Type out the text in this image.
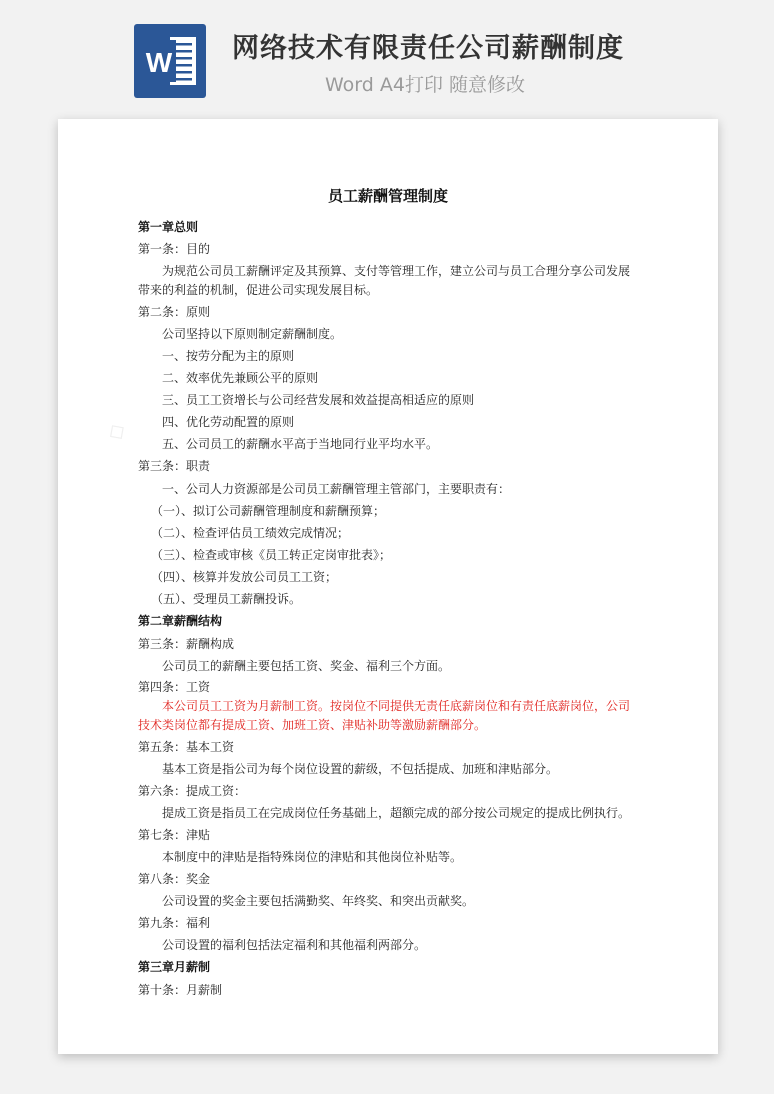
W 网络技术有限责任公司薪酬制度
Word A4打印 随意修改
◇
员工薪酬管理制度
第一章总则
第一条：目的
为规范公司员工薪酬评定及其预算、支付等管理工作，建立公司与员工合理分享公司发展
带来的利益的机制，促进公司实现发展目标。
第二条：原则
公司坚持以下原则制定薪酬制度。
一、按劳分配为主的原则
二、效率优先兼顾公平的原则
三、员工工资增长与公司经营发展和效益提高相适应的原则
四、优化劳动配置的原则
五、公司员工的薪酬水平高于当地同行业平均水平。
第三条：职责
一、公司人力资源部是公司员工薪酬管理主管部门，主要职责有：
（一）、拟订公司薪酬管理制度和薪酬预算；
（二）、检查评估员工绩效完成情况；
（三）、检查或审核《员工转正定岗审批表》；
（四）、核算并发放公司员工工资；
（五）、受理员工薪酬投诉。
第二章薪酬结构
第三条：薪酬构成
公司员工的薪酬主要包括工资、奖金、福利三个方面。
第四条：工资
本公司员工工资为月薪制工资。按岗位不同提供无责任底薪岗位和有责任底薪岗位，公司
技术类岗位都有提成工资、加班工资、津贴补助等激励薪酬部分。
第五条：基本工资
基本工资是指公司为每个岗位设置的薪级，不包括提成、加班和津贴部分。
第六条：提成工资：
提成工资是指员工在完成岗位任务基础上，超额完成的部分按公司规定的提成比例执行。
第七条：津贴
本制度中的津贴是指特殊岗位的津贴和其他岗位补贴等。
第八条：奖金
公司设置的奖金主要包括满勤奖、年终奖、和突出贡献奖。
第九条：福利
公司设置的福利包括法定福利和其他福利两部分。
第三章月薪制
第十条：月薪制
